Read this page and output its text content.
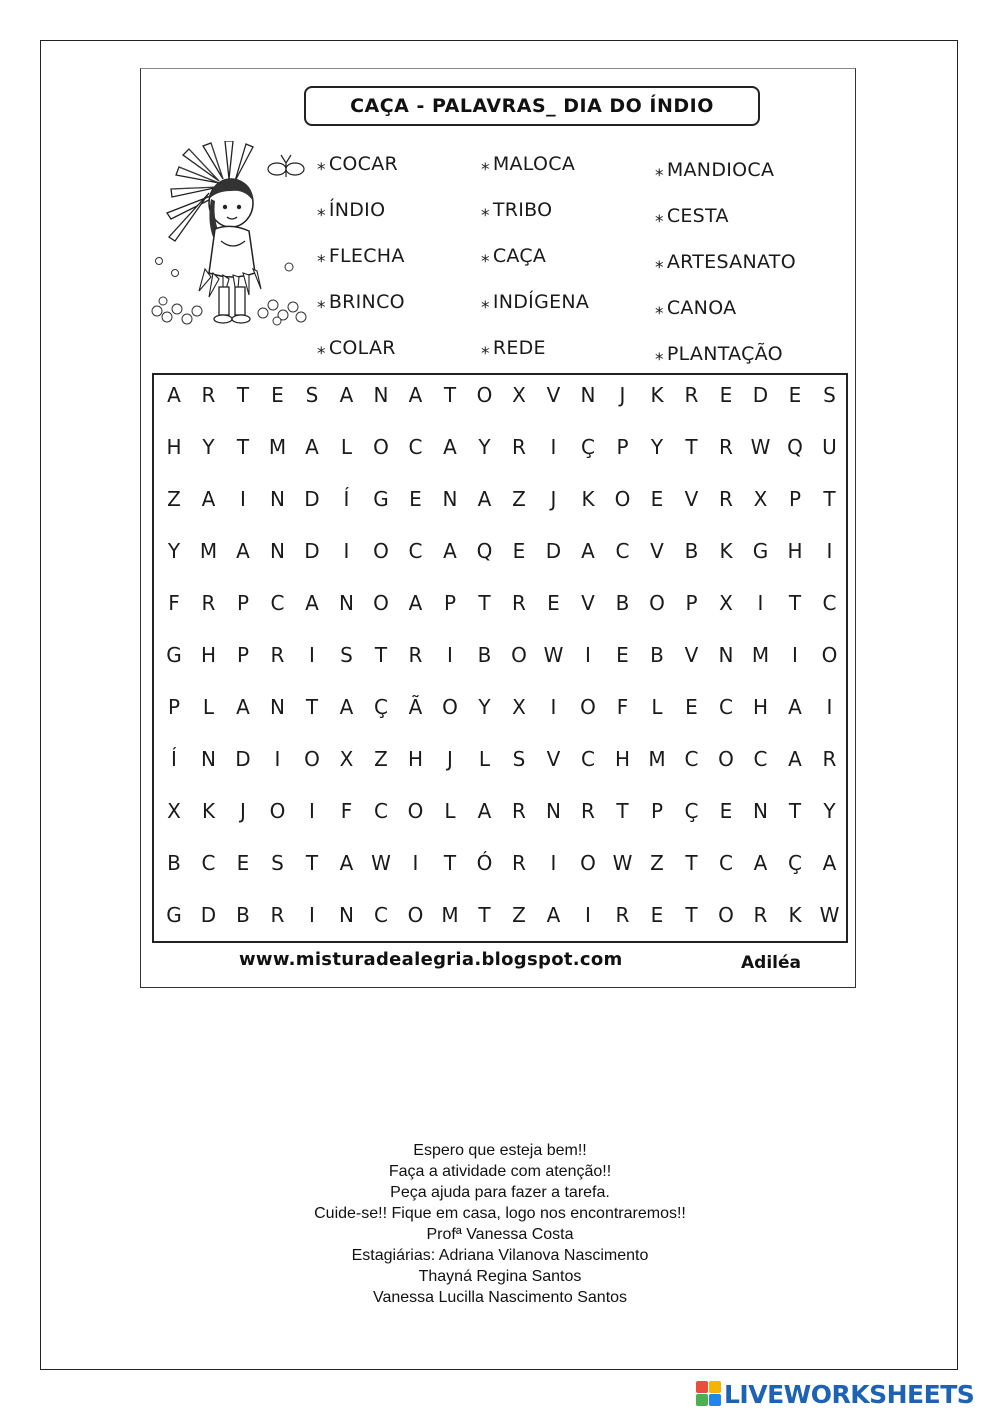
CAÇA - PALAVRAS_ DIA DO ÍNDIO
* COCAR
* ÍNDIO
* FLECHA
* BRINCO
* COLAR
* MALOCA
* TRIBO
* CAÇA
* INDÍGENA
* REDE
* MANDIOCA
* CESTA
* ARTESANATO
* CANOA
* PLANTAÇÃO
A	R	T	E	S	A	N	A	T	O X	V	N	J	K	R	E	D	E	S
H	Y	T M A	L	O C	A	Y	R	I	Ç	P	Y	T	R W Q U
Z	A	I	N D	Í	G	E	N	A	Z	J	K	O	E	V	R	X	P	T
Y M A	N D	I	O C	A Q	E	D A	C	V	B	K	G H	I
F	R	P	C	A	N O A	P	T	R	E	V	B O	P	X	I	T	C
G H	P	R	I	S	T	R	I	B O W	I	E	B	V	N M	I	O
P	L	A	N	T	A	Ç	Ã O	Y	X	I	O	F	L	E	C H	A	I
Í	N D	I	O X	Z	H	J	L	S	V	C H M C O C	A	R
X	K	J	O	I	F	C O	L	A	R	N	R	T	P	Ç	E	N	T	Y
B	C	E	S	T	A W	I	T	Ó R	I	O W Z	T	C	A	Ç	A
G D B	R	I	N	C O M T	Z	A	I	R	E	T	O R	K W
www.misturadealegria.blogspot.com	Adiléa
Espero que esteja bem!!
Faça a atividade com atenção!!
Peça ajuda para fazer a tarefa.
Cuide-se!! Fique em casa, logo nos encontraremos!!
Profª Vanessa Costa
Estagiárias: Adriana Vilanova Nascimento
Thayná Regina Santos
Vanessa Lucilla Nascimento Santos
LIVEWORKSHEETS
